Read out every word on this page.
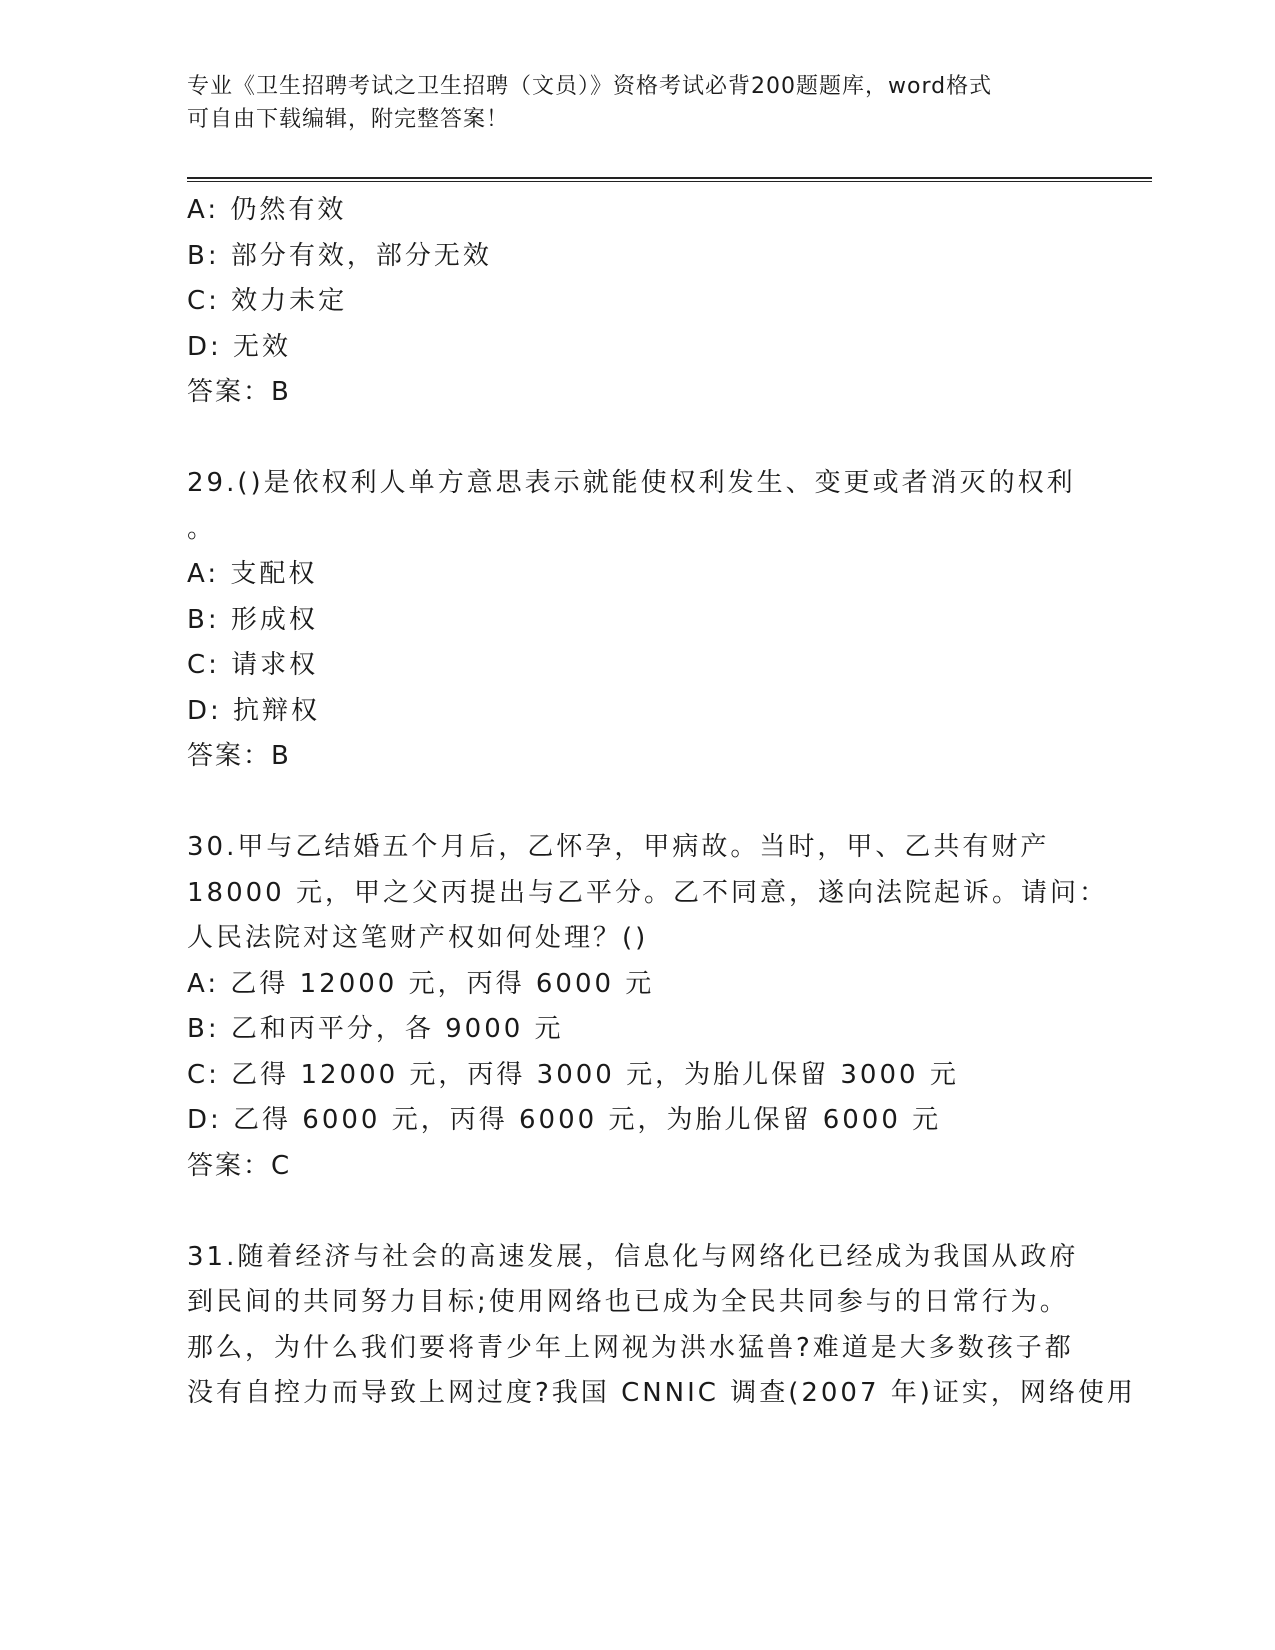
专业《卫生招聘考试之卫生招聘（文员）》资格考试必背200题题库，word格式
可自由下载编辑，附完整答案！

A: 仍然有效

B: 部分有效，部分无效

C: 效力未定

D: 无效

答案：B

29.()是依权利人单方意思表示就能使权利发生、变更或者消灭的权利

。

A: 支配权

B: 形成权

C: 请求权

D: 抗辩权

答案：B

30.甲与乙结婚五个月后，乙怀孕，甲病故。当时，甲、乙共有财产

18000 元，甲之父丙提出与乙平分。乙不同意，遂向法院起诉。请问：

人民法院对这笔财产权如何处理？()

A: 乙得 12000 元，丙得 6000 元

B: 乙和丙平分，各 9000 元

C: 乙得 12000 元，丙得 3000 元，为胎儿保留 3000 元

D: 乙得 6000 元，丙得 6000 元，为胎儿保留 6000 元

答案：C

31.随着经济与社会的高速发展，信息化与网络化已经成为我国从政府

到民间的共同努力目标;使用网络也已成为全民共同参与的日常行为。

那么，为什么我们要将青少年上网视为洪水猛兽?难道是大多数孩子都

没有自控力而导致上网过度?我国 CNNIC 调查(2007 年)证实，网络使用
